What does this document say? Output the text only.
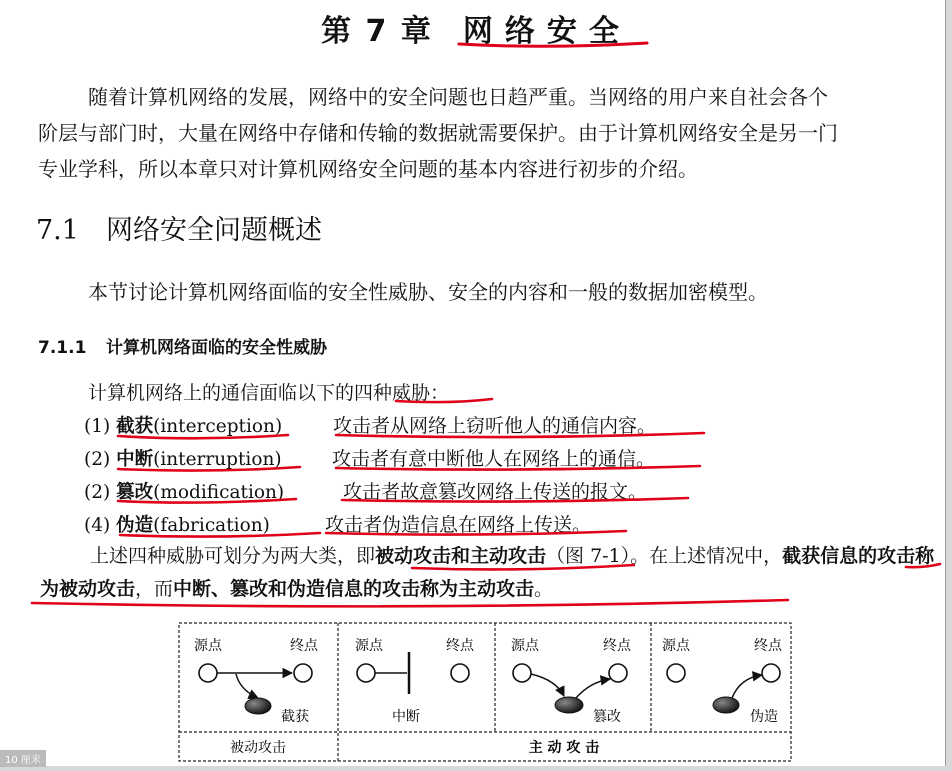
第 7 章 网络安全
随着计算机网络的发展，网络中的安全问题也日趋严重。当网络的用户来自社会各个
阶层与部门时，大量在网络中存储和传输的数据就需要保护。由于计算机网络安全是另一门
专业学科，所以本章只对计算机网络安全问题的基本内容进行初步的介绍。
7.1 网络安全问题概述
本节讨论计算机网络面临的安全性威胁、安全的内容和一般的数据加密模型。
7.1.1 计算机网络面临的安全性威胁
计算机网络上的通信面临以下的四种威胁：
(1) 截获(interception)	攻击者从网络上窃听他人的通信内容。
(2) 中断(interruption)	攻击者有意中断他人在网络上的通信。
(2) 篡改(modification)	攻击者故意篡改网络上传送的报文。
(4) 伪造(fabrication)	攻击者伪造信息在网络上传送。
上述四种威胁可划分为两大类，即被动攻击和主动攻击（图 7-1）。在上述情况中，截获信息的攻击称为被动攻击，而中断、篡改和伪造信息的攻击称为主动攻击。
源点	终点
截获
源点	终点
中断
源点	终点
篡改
源点	终点
伪造
被动攻击	主 动 攻 击
10 厘米
